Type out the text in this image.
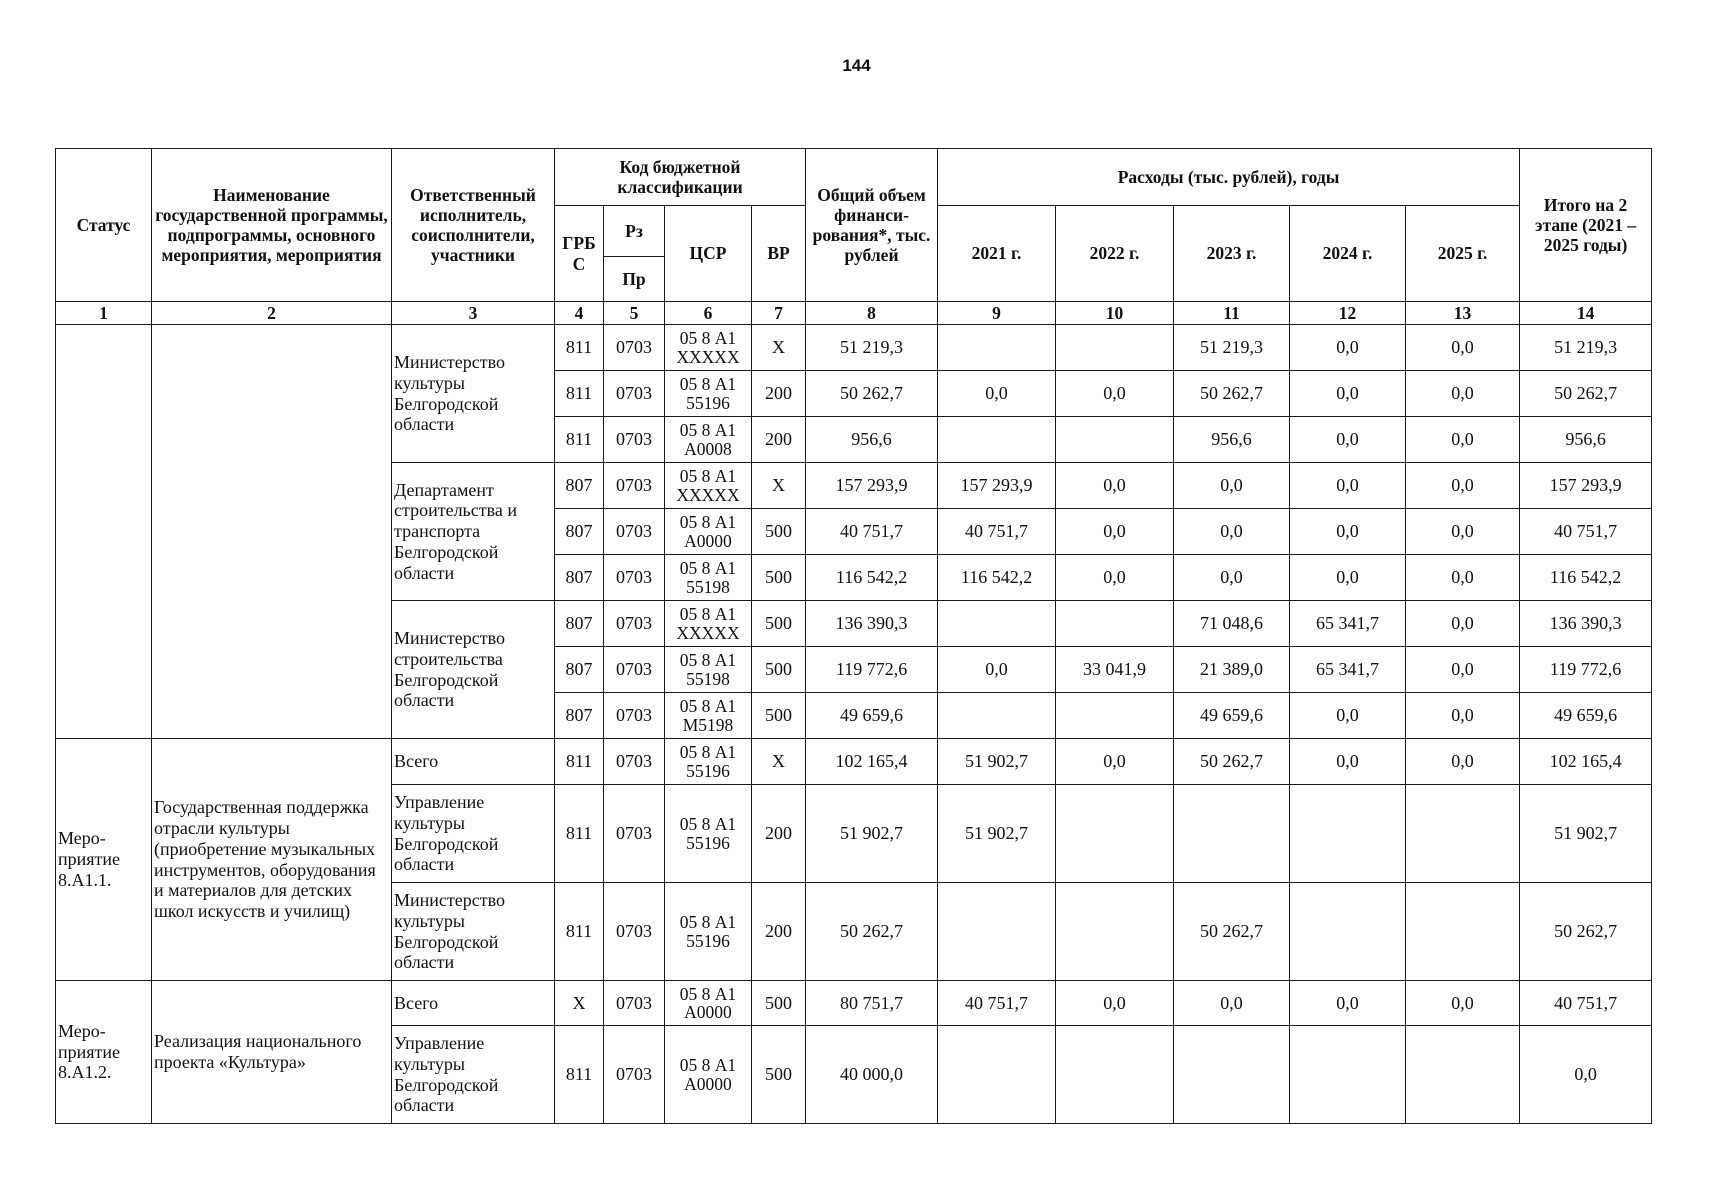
144
Статус	Наименование государственной программы, подпрограммы, основного мероприятия, мероприятия	Ответственный исполнитель, соисполнители, участники	Код бюджетной классификации				Общий объем финанси-рования*, тыс. рублей	Расходы (тыс. рублей), годы					Итого на 2 этапе (2021 – 2025 годы)
			ГРБ С	Рз	ЦСР	ВР		2021 г.	2022 г.	2023 г.	2024 г.	2025 г.	
				Пр									
1	2	3	4	5	6	7	8	9	10	11	12	13	14
		Министерство культуры Белгородской области	811	0703	05 8 А1 ХХХХХ	Х	51 219,3			51 219,3	0,0	0,0	51 219,3
			811	0703	05 8 А1 55196	200	50 262,7	0,0	0,0	50 262,7	0,0	0,0	50 262,7
			811	0703	05 8 А1 А0008	200	956,6			956,6	0,0	0,0	956,6
		Департамент строительства и транспорта Белгородской области	807	0703	05 8 А1 ХХХХХ	Х	157 293,9	157 293,9	0,0	0,0	0,0	0,0	157 293,9
			807	0703	05 8 А1 А0000	500	40 751,7	40 751,7	0,0	0,0	0,0	0,0	40 751,7
			807	0703	05 8 А1 55198	500	116 542,2	116 542,2	0,0	0,0	0,0	0,0	116 542,2
		Министерство строительства Белгородской области	807	0703	05 8 А1 ХХХХХ	500	136 390,3			71 048,6	65 341,7	0,0	136 390,3
			807	0703	05 8 А1 55198	500	119 772,6	0,0	33 041,9	21 389,0	65 341,7	0,0	119 772,6
			807	0703	05 8 А1 М5198	500	49 659,6			49 659,6	0,0	0,0	49 659,6
Меро-приятие 8.А1.1.	Государственная поддержка отрасли культуры (приобретение музыкальных инструментов, оборудования и материалов для детских школ искусств и училищ)	Всего	811	0703	05 8 А1 55196	Х	102 165,4	51 902,7	0,0	50 262,7	0,0	0,0	102 165,4
		Управление культуры Белгородской области	811	0703	05 8 А1 55196	200	51 902,7	51 902,7					51 902,7
		Министерство культуры Белгородской области	811	0703	05 8 А1 55196	200	50 262,7			50 262,7			50 262,7
Меро-приятие 8.А1.2.	Реализация национального проекта «Культура»	Всего	Х	0703	05 8 А1 А0000	500	80 751,7	40 751,7	0,0	0,0	0,0	0,0	40 751,7
		Управление культуры Белгородской области	811	0703	05 8 А1 А0000	500	40 000,0						0,0
